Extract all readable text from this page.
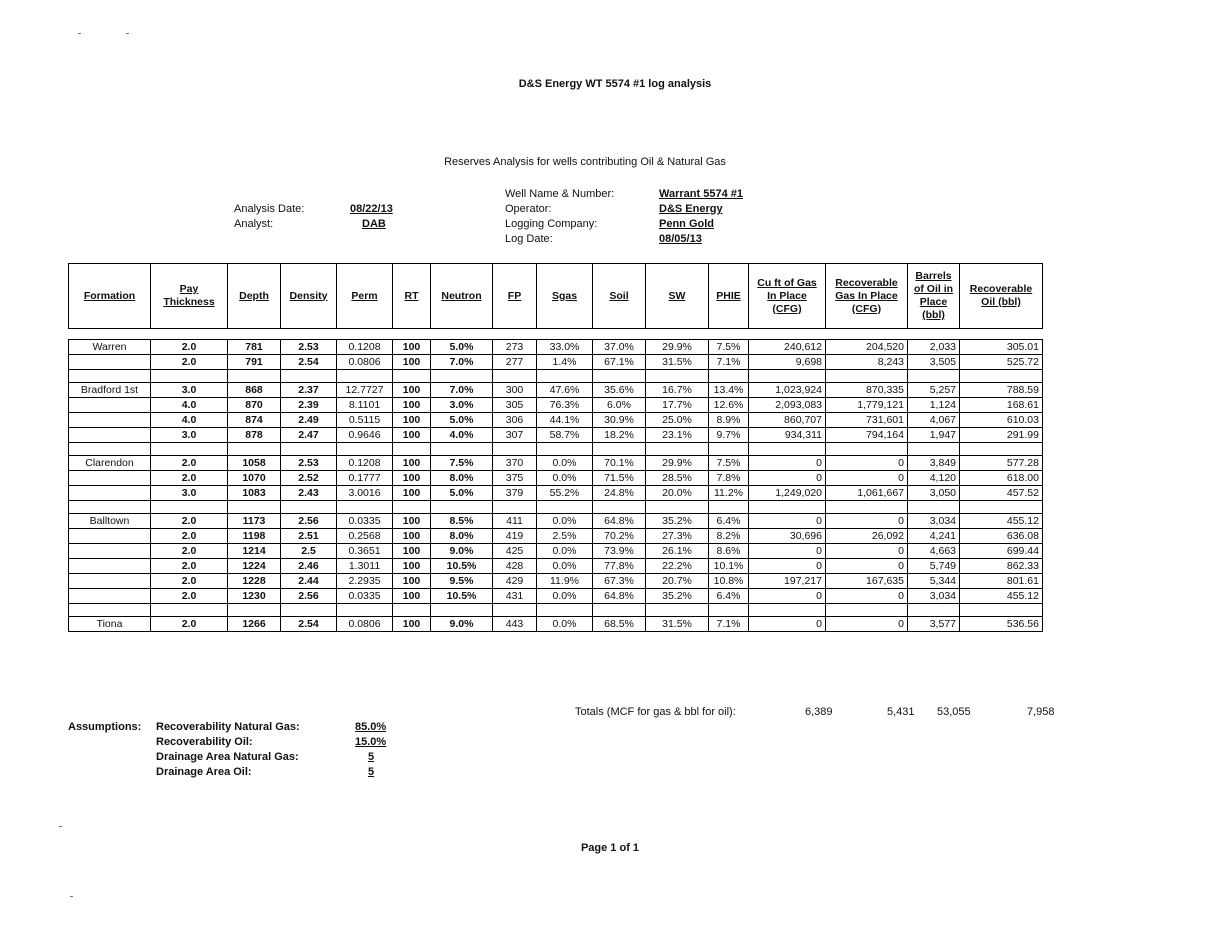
D&S Energy WT 5574 #1 log analysis
Reserves Analysis for wells contributing Oil & Natural Gas
Analysis Date:	08/22/13
Analyst:	DAB
Well Name & Number:	Warrant 5574 #1
Operator:	D&S Energy
Logging Company:	Penn Gold
Log Date:	08/05/13
Formation	Pay Thickness	Depth	Density	Perm	RT	Neutron	FP	Sgas	Soil	SW	PHIE	Cu ft of Gas In Place (CFG)	Recoverable Gas In Place (CFG)	Barrels of Oil in Place (bbl)	Recoverable Oil (bbl)

Warren	2.0	781	2.53	0.1208	100	5.0%	273	33.0%	37.0%	29.9%	7.5%	240,612	204,520	2,033	305.01
	2.0	791	2.54	0.0806	100	7.0%	277	1.4%	67.1%	31.5%	7.1%	9,698	8,243	3,505	525.72

Bradford 1st	3.0	868	2.37	12.7727	100	7.0%	300	47.6%	35.6%	16.7%	13.4%	1,023,924	870,335	5,257	788.59
	4.0	870	2.39	8.1101	100	3.0%	305	76.3%	6.0%	17.7%	12.6%	2,093,083	1,779,121	1,124	168.61
	4.0	874	2.49	0.5115	100	5.0%	306	44.1%	30.9%	25.0%	8.9%	860,707	731,601	4,067	610.03
	3.0	878	2.47	0.9646	100	4.0%	307	58.7%	18.2%	23.1%	9.7%	934,311	794,164	1,947	291.99

Clarendon	2.0	1058	2.53	0.1208	100	7.5%	370	0.0%	70.1%	29.9%	7.5%	0	0	3,849	577.28
	2.0	1070	2.52	0.1777	100	8.0%	375	0.0%	71.5%	28.5%	7.8%	0	0	4,120	618.00
	3.0	1083	2.43	3.0016	100	5.0%	379	55.2%	24.8%	20.0%	11.2%	1,249,020	1,061,667	3,050	457.52

Balltown	2.0	1173	2.56	0.0335	100	8.5%	411	0.0%	64.8%	35.2%	6.4%	0	0	3,034	455.12
	2.0	1198	2.51	0.2568	100	8.0%	419	2.5%	70.2%	27.3%	8.2%	30,696	26,092	4,241	636.08
	2.0	1214	2.5	0.3651	100	9.0%	425	0.0%	73.9%	26.1%	8.6%	0	0	4,663	699.44
	2.0	1224	2.46	1.3011	100	10.5%	428	0.0%	77.8%	22.2%	10.1%	0	0	5,749	862.33
	2.0	1228	2.44	2.2935	100	9.5%	429	11.9%	67.3%	20.7%	10.8%	197,217	167,635	5,344	801.61
	2.0	1230	2.56	0.0335	100	10.5%	431	0.0%	64.8%	35.2%	6.4%	0	0	3,034	455.12

Tiona	2.0	1266	2.54	0.0806	100	9.0%	443	0.0%	68.5%	31.5%	7.1%	0	0	3,577	536.56
Totals (MCF for gas & bbl for oil):	6,389	5,431 53,055	7,958
Assumptions: Recoverability Natural Gas:	85.0%
Recoverability Oil:	15.0%
Drainage Area Natural Gas:	5
Drainage Area Oil:	5
Page 1 of 1
